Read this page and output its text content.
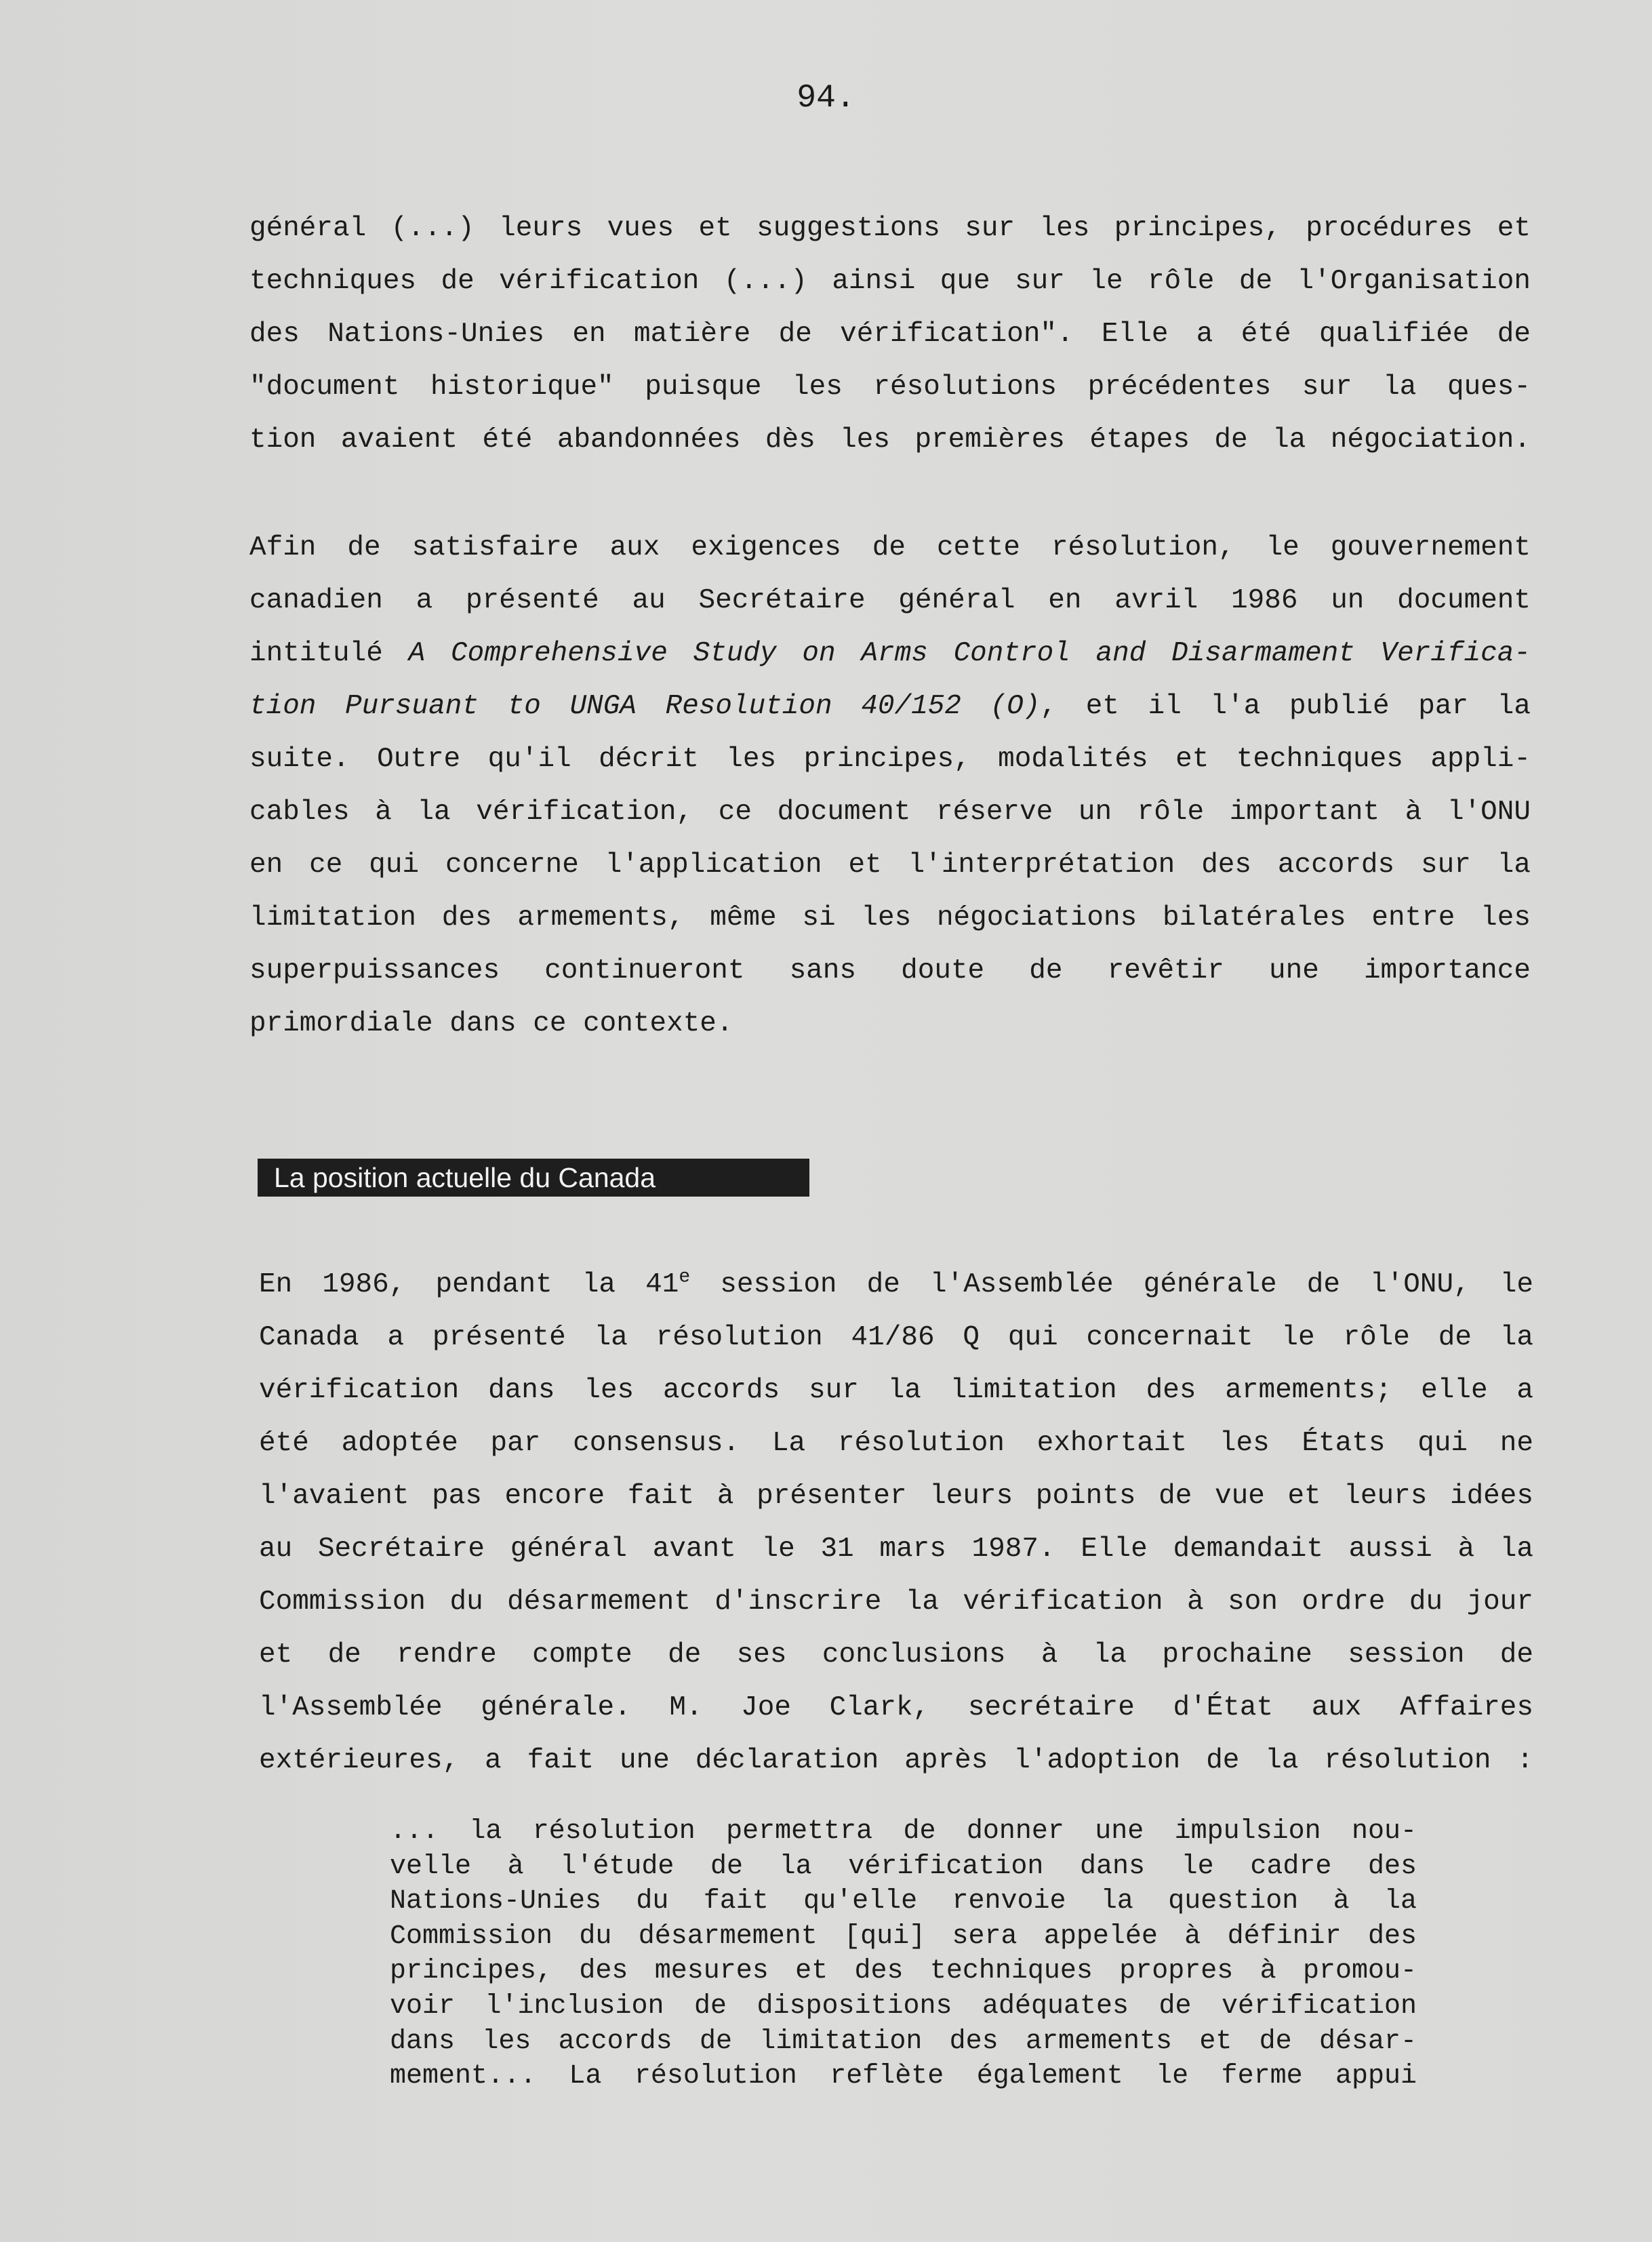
94.
général (...) leurs vues et suggestions sur les principes, procédures et
techniques de vérification (...) ainsi que sur le rôle de l'Organisation
des Nations-Unies en matière de vérification". Elle a été qualifiée de
"document historique" puisque les résolutions précédentes sur la ques-
tion avaient été abandonnées dès les premières étapes de la négociation.
Afin de satisfaire aux exigences de cette résolution, le gouvernement
canadien a présenté au Secrétaire général en avril 1986 un document
intitulé A Comprehensive Study on Arms Control and Disarmament Verifica-
tion Pursuant to UNGA Resolution 40/152 (O), et il l'a publié par la
suite. Outre qu'il décrit les principes, modalités et techniques appli-
cables à la vérification, ce document réserve un rôle important à l'ONU
en ce qui concerne l'application et l'interprétation des accords sur la
limitation des armements, même si les négociations bilatérales entre les
superpuissances continueront sans doute de revêtir une importance
primordiale dans ce contexte.
La position actuelle du Canada
En 1986, pendant la 41e session de l'Assemblée générale de l'ONU, le
Canada a présenté la résolution 41/86 Q qui concernait le rôle de la
vérification dans les accords sur la limitation des armements; elle a
été adoptée par consensus. La résolution exhortait les États qui ne
l'avaient pas encore fait à présenter leurs points de vue et leurs idées
au Secrétaire général avant le 31 mars 1987. Elle demandait aussi à la
Commission du désarmement d'inscrire la vérification à son ordre du jour
et de rendre compte de ses conclusions à la prochaine session de
l'Assemblée générale. M. Joe Clark, secrétaire d'État aux Affaires
extérieures, a fait une déclaration après l'adoption de la résolution :
... la résolution permettra de donner une impulsion nou-
velle à l'étude de la vérification dans le cadre des
Nations-Unies du fait qu'elle renvoie la question à la
Commission du désarmement [qui] sera appelée à définir des
principes, des mesures et des techniques propres à promou-
voir l'inclusion de dispositions adéquates de vérification
dans les accords de limitation des armements et de désar-
mement... La résolution reflète également le ferme appui
